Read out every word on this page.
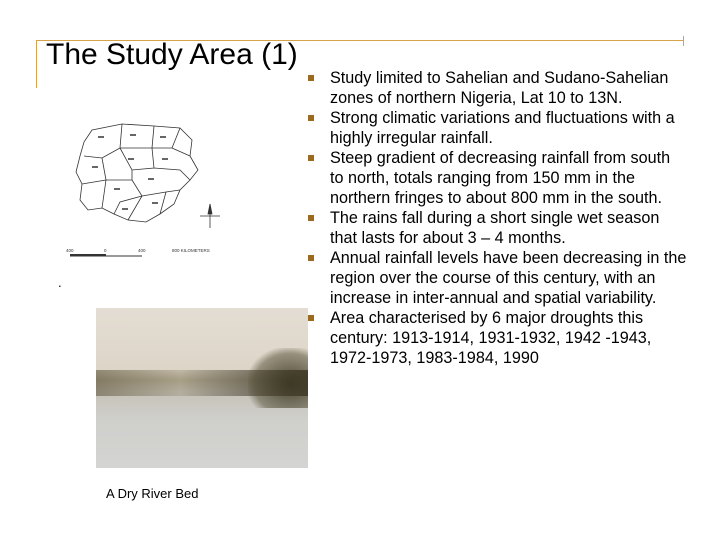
The Study Area (1)
400	0	400	800 KILOMETERS
.
A Dry River Bed
Study limited to Sahelian and Sudano-Sahelian zones of northern Nigeria, Lat 10 to 13N.
Strong climatic variations and fluctuations with a highly irregular rainfall.
Steep gradient of decreasing rainfall from south to north, totals ranging from 150 mm in the northern fringes to about 800 mm in the south.
The rains fall during a short single wet season that lasts for about 3 – 4 months.
Annual rainfall levels have been decreasing in the region over the course of this century, with an increase in inter-annual and spatial variability.
Area characterised by 6 major droughts this century: 1913-1914, 1931-1932, 1942 -1943, 1972-1973, 1983-1984, 1990
